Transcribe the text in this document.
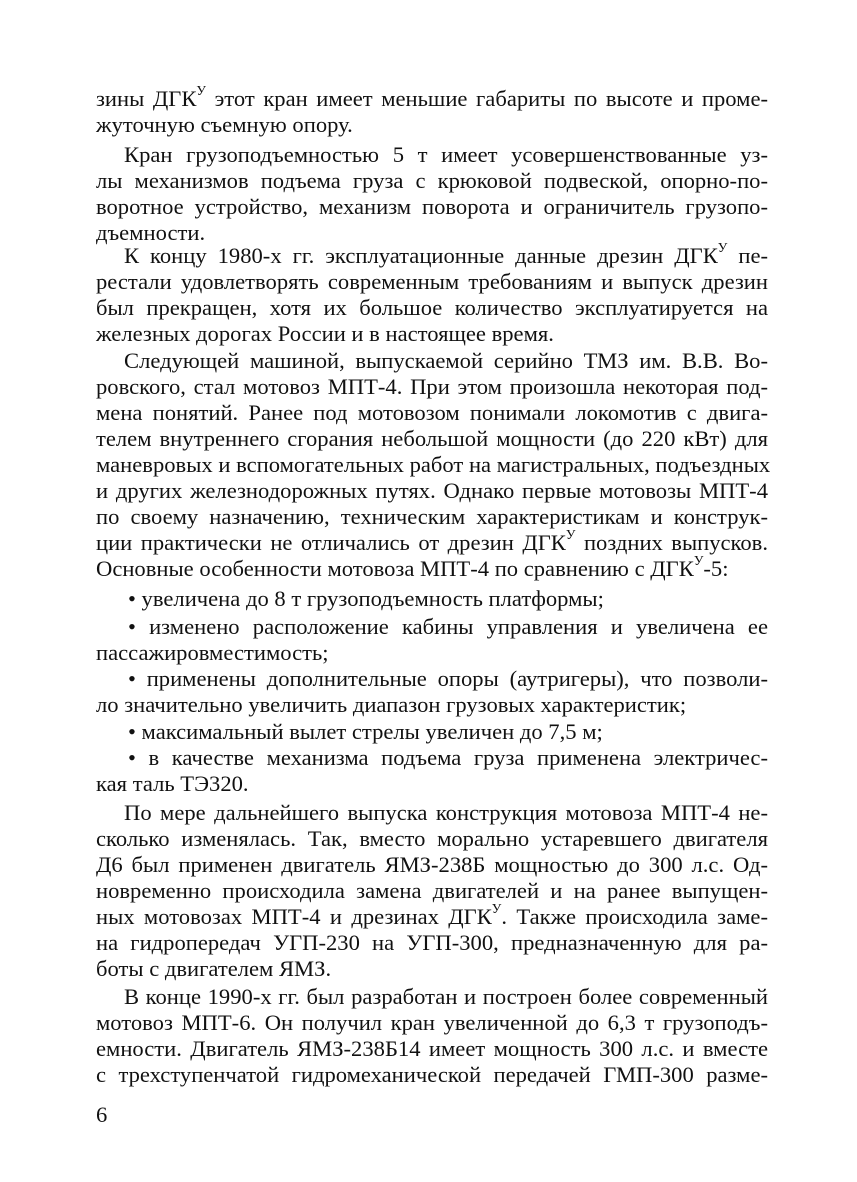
зины $ДГК^У$ этот кран имеет меньшие габариты по высоте и проме-
жуточную съемную опору.
Кран грузоподъемностью 5 т имеет усовершенствованные уз-
лы механизмов подъема груза с крюковой подвеской, опорно-по-
воротное устройство, механизм поворота и ограничитель грузопо-
дъемности.
К концу 1980-х гг. эксплуатационные данные дрезин $ДГК^У$ пе-
рестали удовлетворять современным требованиям и выпуск дрезин
был прекращен, хотя их большое количество эксплуатируется на
железных дорогах России и в настоящее время.
Следующей машиной, выпускаемой серийно ТМЗ им. В.В. Во-
ровского, стал мотовоз МПТ-4. При этом произошла некоторая под-
мена понятий. Ранее под мотовозом понимали локомотив с двига-
телем внутреннего сгорания небольшой мощности (до 220 кВт) для
маневровых и вспомогательных работ на магистральных, подъездных
и других железнодорожных путях. Однако первые мотовозы МПТ-4
по своему назначению, техническим характеристикам и конструк-
ции практически не отличались от дрезин $ДГК^У$ поздних выпусков.
Основные особенности мотовоза МПТ-4 по сравнению с $ДГК^У-5$:
• увеличена до 8 т грузоподъемность платформы;
• изменено расположение кабины управления и увеличена ее
пассажировместимость;
• применены дополнительные опоры (аутригеры), что позволи-
ло значительно увеличить диапазон грузовых характеристик;
• максимальный вылет стрелы увеличен до 7,5 м;
• в качестве механизма подъема груза применена электричес-
кая таль ТЭ320.
По мере дальнейшего выпуска конструкция мотовоза МПТ-4 не-
сколько изменялась. Так, вместо морально устаревшего двигателя
Д6 был применен двигатель ЯМЗ-238Б мощностью до 300 л.с. Од-
новременно происходила замена двигателей и на ранее выпущен-
ных мотовозах МПТ-4 и дрезинах $ДГК^У$. Также происходила заме-
на гидропередач УГП-230 на УГП-300, предназначенную для ра-
боты с двигателем ЯМЗ.
В конце 1990-х гг. был разработан и построен более современный
мотовоз МПТ-6. Он получил кран увеличенной до 6,3 т грузоподъ-
емности. Двигатель ЯМЗ-238Б14 имеет мощность 300 л.с. и вместе
с трехступенчатой гидромеханической передачей ГМП-300 разме-
6
